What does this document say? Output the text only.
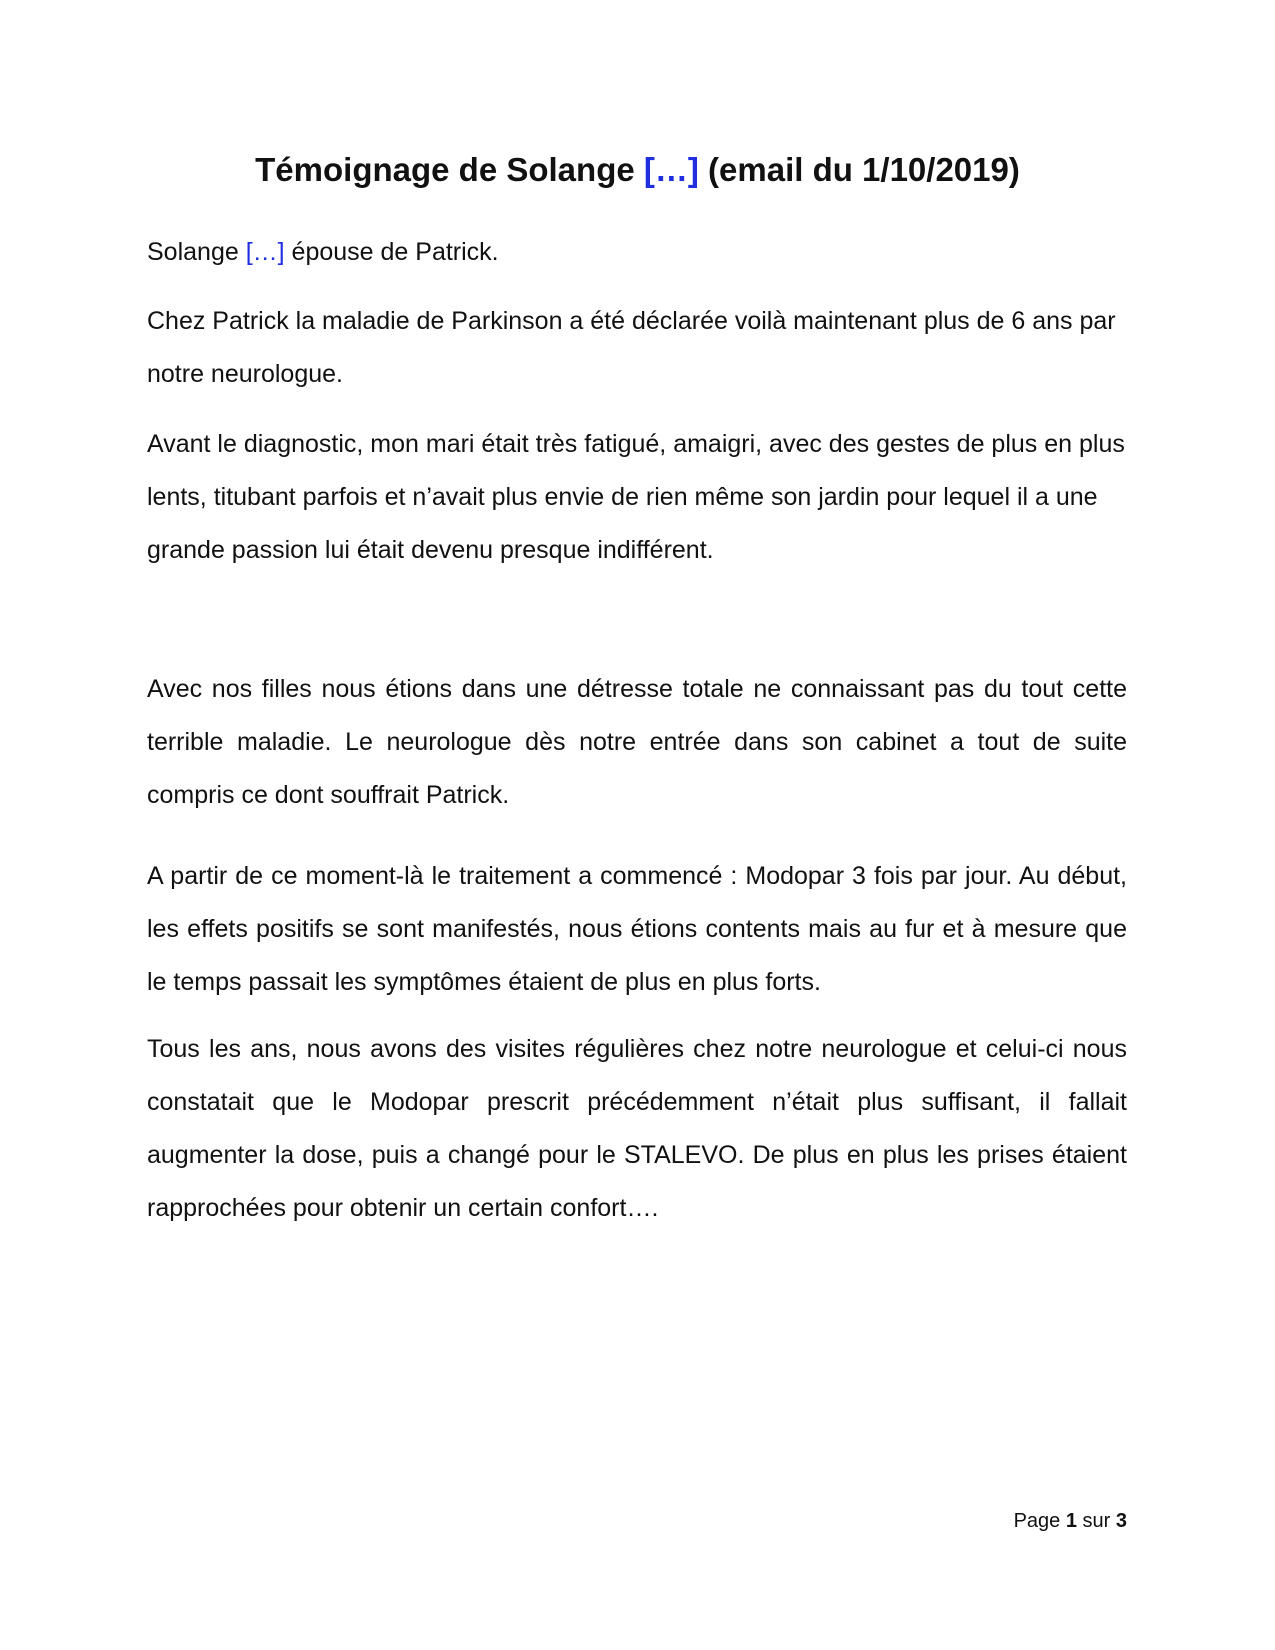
Témoignage de Solange […] (email du 1/10/2019)

Solange […] épouse de Patrick.

Chez Patrick la maladie de Parkinson a été déclarée voilà maintenant plus de 6 ans par notre neurologue.

Avant le diagnostic, mon mari était très fatigué, amaigri, avec des gestes de plus en plus lents, titubant parfois et n’avait plus envie de rien même son jardin pour lequel il a une grande passion lui était devenu presque indifférent.

Avec nos filles nous étions dans une détresse totale ne connaissant pas du tout cette terrible maladie. Le neurologue dès notre entrée dans son cabinet a tout de suite compris ce dont souffrait Patrick.

A partir de ce moment-là le traitement a commencé : Modopar 3 fois par jour. Au début, les effets positifs se sont manifestés, nous étions contents mais au fur et à mesure que le temps passait les symptômes étaient de plus en plus forts.

Tous les ans, nous avons des visites régulières chez notre neurologue et celui-ci nous constatait que le Modopar prescrit précédemment n’était plus suffisant, il fallait augmenter la dose, puis a changé pour le STALEVO. De plus en plus les prises étaient rapprochées pour obtenir un certain confort….

Page 1 sur 3
